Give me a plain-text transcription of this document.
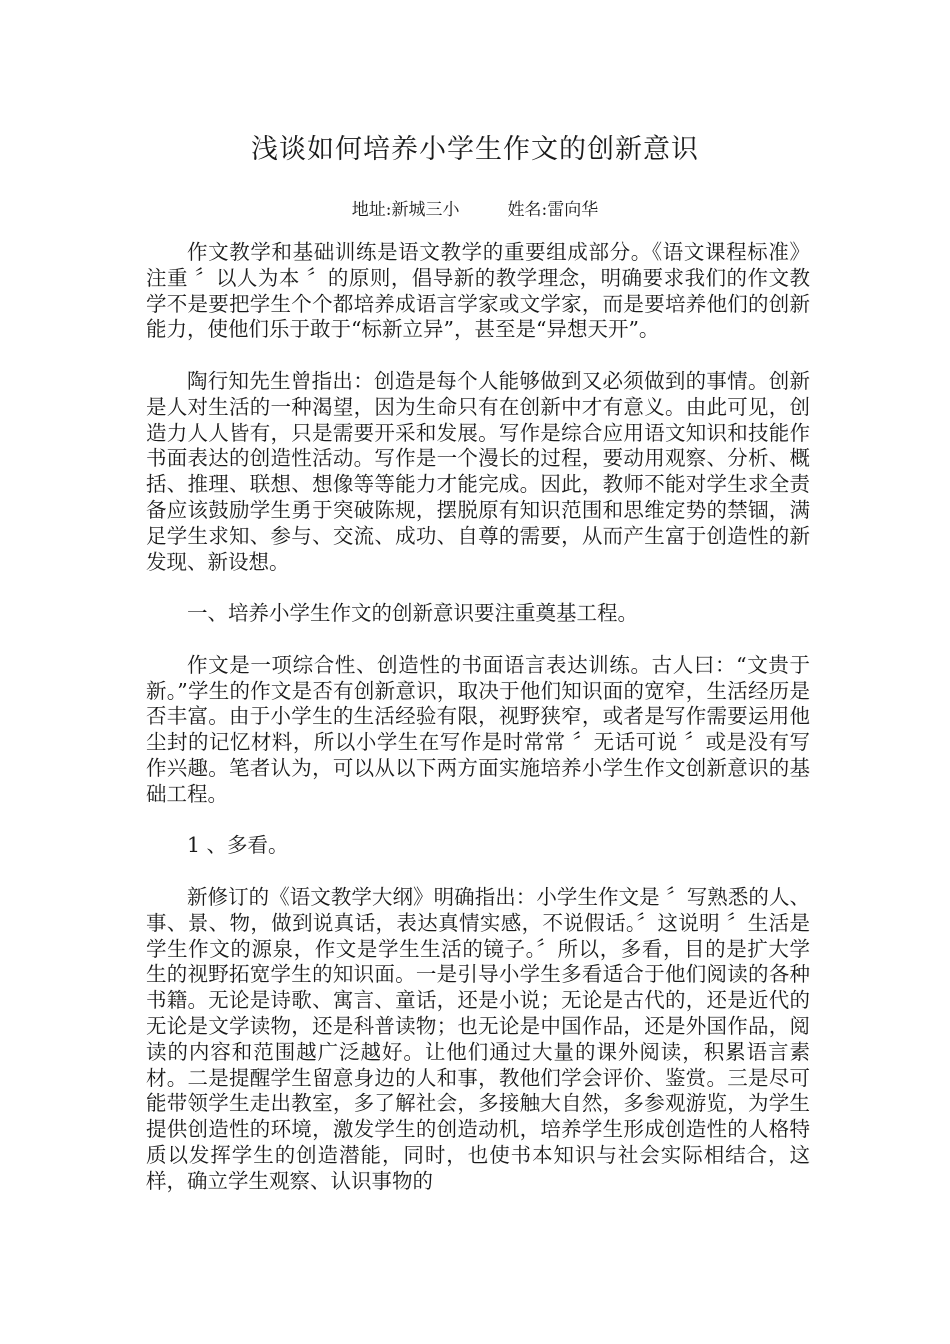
浅谈如何培养小学生作文的创新意识
地址:新城三小	姓名:雷向华

作文教学和基础训练是语文教学的重要组成部分。《语文课程标准》注重 〞以人为本 〞的原则，倡导新的教学理念，明确要求我们的作文教学不是要把学生个个都培养成语言学家或文学家，而是要培养他们的创新能力，使他们乐于敢于“标新立异”，甚至是“异想天开”。

陶行知先生曾指出：创造是每个人能够做到又必须做到的事情。创新是人对生活的一种渴望，因为生命只有在创新中才有意义。由此可见，创造力人人皆有，只是需要开采和发展。写作是综合应用语文知识和技能作书面表达的创造性活动。写作是一个漫长的过程，要动用观察、分析、概括、推理、联想、想像等等能力才能完成。因此，教师不能对学生求全责备应该鼓励学生勇于突破陈规，摆脱原有知识范围和思维定势的禁锢，满足学生求知、参与、交流、成功、自尊的需要，从而产生富于创造性的新发现、新设想。

一、培养小学生作文的创新意识要注重奠基工程。

作文是一项综合性、创造性的书面语言表达训练。古人曰：“文贵于新。”学生的作文是否有创新意识，取决于他们知识面的宽窄，生活经历是否丰富。由于小学生的生活经验有限，视野狭窄，或者是写作需要运用他尘封的记忆材料，所以小学生在写作是时常常 〞无话可说 〞或是没有写作兴趣。笔者认为，可以从以下两方面实施培养小学生作文创新意识的基础工程。

1 、多看。

新修订的《语文教学大纲》明确指出：小学生作文是 〞写熟悉的人、事、景、物，做到说真话，表达真情实感，不说假话。〞这说明 〞生活是学生作文的源泉，作文是学生生活的镜子。〞所以，多看，目的是扩大学生的视野拓宽学生的知识面。一是引导小学生多看适合于他们阅读的各种书籍。无论是诗歌、寓言、童话，还是小说；无论是古代的，还是近代的无论是文学读物，还是科普读物；也无论是中国作品，还是外国作品，阅读的内容和范围越广泛越好。让他们通过大量的课外阅读，积累语言素材。二是提醒学生留意身边的人和事，教他们学会评价、鉴赏。三是尽可能带领学生走出教室，多了解社会，多接触大自然，多参观游览，为学生提供创造性的环境，激发学生的创造动机，培养学生形成创造性的人格特质以发挥学生的创造潜能，同时，也使书本知识与社会实际相结合，这样，确立学生观察、认识事物的
